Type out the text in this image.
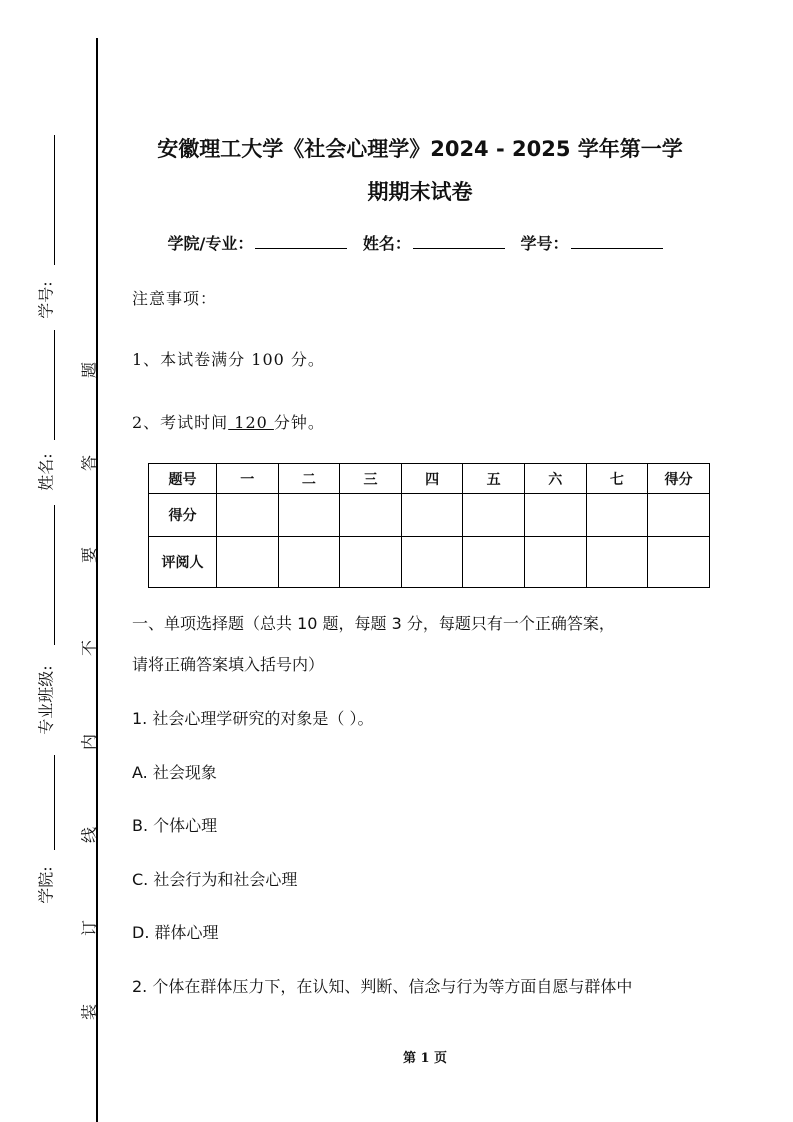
学号:
姓名:
专业班级:
学院:
题
答
要
不
内
线
订
装
安徽理工大学《社会心理学》2024 - 2025 学年第一学
期期末试卷
学院/专业：	姓名：	学号：
注意事项：
1、本试卷满分 100 分。
2、考试时间 120 分钟。
题号	一	二	三	四	五	六	七	得分
得分								
评阅人								
一、单项选择题（总共 10 题，每题 3 分，每题只有一个正确答案，
请将正确答案填入括号内）
1. 社会心理学研究的对象是（ ）。
A. 社会现象
B. 个体心理
C. 社会行为和社会心理
D. 群体心理
2. 个体在群体压力下，在认知、判断、信念与行为等方面自愿与群体中
第 1 页
